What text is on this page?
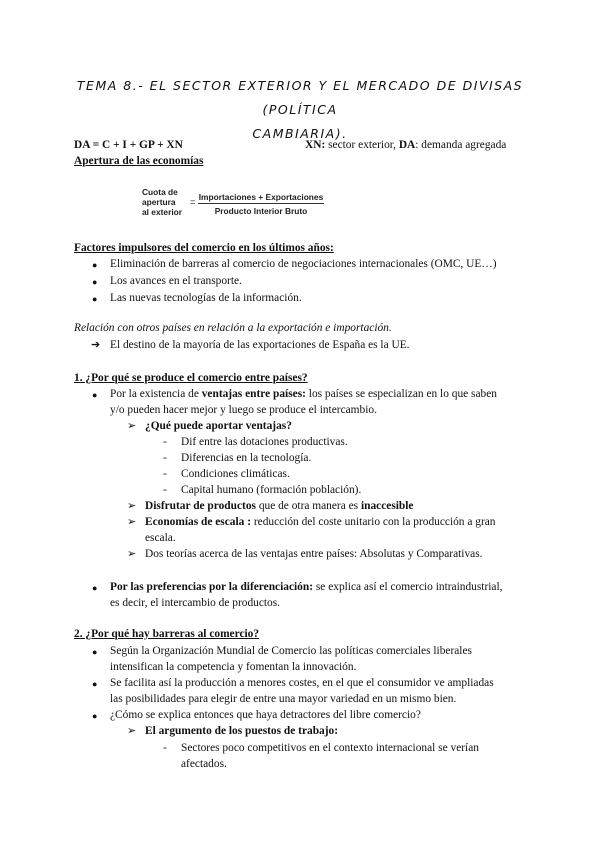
TEMA 8.- EL SECTOR EXTERIOR Y EL MERCADO DE DIVISAS (POLÍTICA
CAMBIARIA).
DA = C + I + GP + XN	XN: sector exterior, DA: demanda agregada
Apertura de las economías
Cuota de
apertura
al exterior
= Importaciones + Exportaciones
Producto Interior Bruto
Factores impulsores del comercio en los últimos años:
● Eliminación de barreras al comercio de negociaciones internacionales (OMC, UE…)
● Los avances en el transporte.
● Las nuevas tecnologías de la información.
Relación con otros países en relación a la exportación e importación.
➔ El destino de la mayoría de las exportaciones de España es la UE.
1. ¿Por qué se produce el comercio entre países?
● Por la existencia de ventajas entre países: los países se especializan en lo que saben
y/o pueden hacer mejor y luego se produce el intercambio.
➢ ¿Qué puede aportar ventajas?
- Dif entre las dotaciones productivas.
- Diferencias en la tecnología.
- Condiciones climáticas.
- Capital humano (formación población).
➢ Disfrutar de productos que de otra manera es inaccesible
➢ Economías de escala : reducción del coste unitario con la producción a gran
escala.
➢ Dos teorías acerca de las ventajas entre países: Absolutas y Comparativas.
● Por las preferencias por la diferenciación: se explica así el comercio intraindustrial,
es decir, el intercambio de productos.
2. ¿Por qué hay barreras al comercio?
● Según la Organización Mundial de Comercio las políticas comerciales liberales
intensifican la competencia y fomentan la innovación.
● Se facilita así la producción a menores costes, en el que el consumidor ve ampliadas
las posibilidades para elegir de entre una mayor variedad en un mismo bien.
● ¿Cómo se explica entonces que haya detractores del libre comercio?
➢ El argumento de los puestos de trabajo:
- Sectores poco competitivos en el contexto internacional se verían
afectados.
